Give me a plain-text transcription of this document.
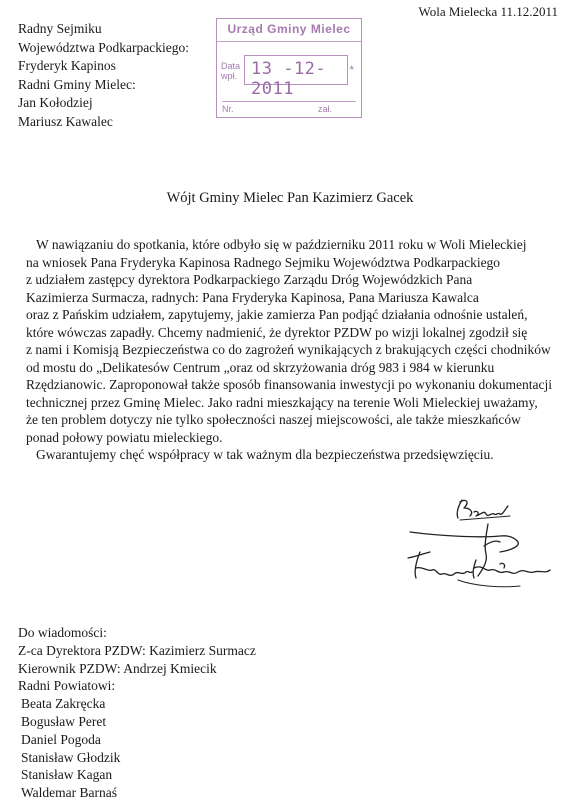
Wola Mielecka 11.12.2011
Radny Sejmiku
Województwa Podkarpackiego:
Fryderyk Kapinos
Radni Gminy Mielec:
Jan Kołodziej
Mariusz Kawalec
Urząd Gminy Mielec
Data
wpł. 13 -12- 2011
*
Nr.	zał.
Wójt Gminy Mielec Pan Kazimierz Gacek
W nawiązaniu do spotkania, które odbyło się w październiku 2011 roku w Woli Mieleckiej
na wniosek Pana Fryderyka Kapinosa Radnego Sejmiku Województwa Podkarpackiego
z udziałem zastępcy dyrektora Podkarpackiego Zarządu Dróg Wojewódzkich Pana
Kazimierza Surmacza, radnych: Pana Fryderyka Kapinosa, Pana Mariusza Kawalca
oraz z Pańskim udziałem, zapytujemy, jakie zamierza Pan podjąć działania odnośnie ustaleń,
które wówczas zapadły. Chcemy nadmienić, że dyrektor PZDW po wizji lokalnej zgodził się
z nami i Komisją Bezpieczeństwa co do zagrożeń wynikających z brakujących części chodników
od mostu do „Delikatesów Centrum „oraz od skrzyżowania dróg 983 i 984 w kierunku
Rzędzianowic. Zaproponował także sposób finansowania inwestycji po wykonaniu dokumentacji
technicznej przez Gminę Mielec. Jako radni mieszkający na terenie Woli Mieleckiej uważamy,
że ten problem dotyczy nie tylko społeczności naszej miejscowości, ale także mieszkańców
ponad połowy powiatu mieleckiego.
Gwarantujemy chęć współpracy w tak ważnym dla bezpieczeństwa przedsięwzięciu.
Do wiadomości:
Z-ca Dyrektora PZDW: Kazimierz Surmacz
Kierownik PZDW: Andrzej Kmiecik
Radni Powiatowi:
Beata Zakręcka
Bogusław Peret
Daniel Pogoda
Stanisław Głodzik
Stanisław Kagan
Waldemar Barnaś
